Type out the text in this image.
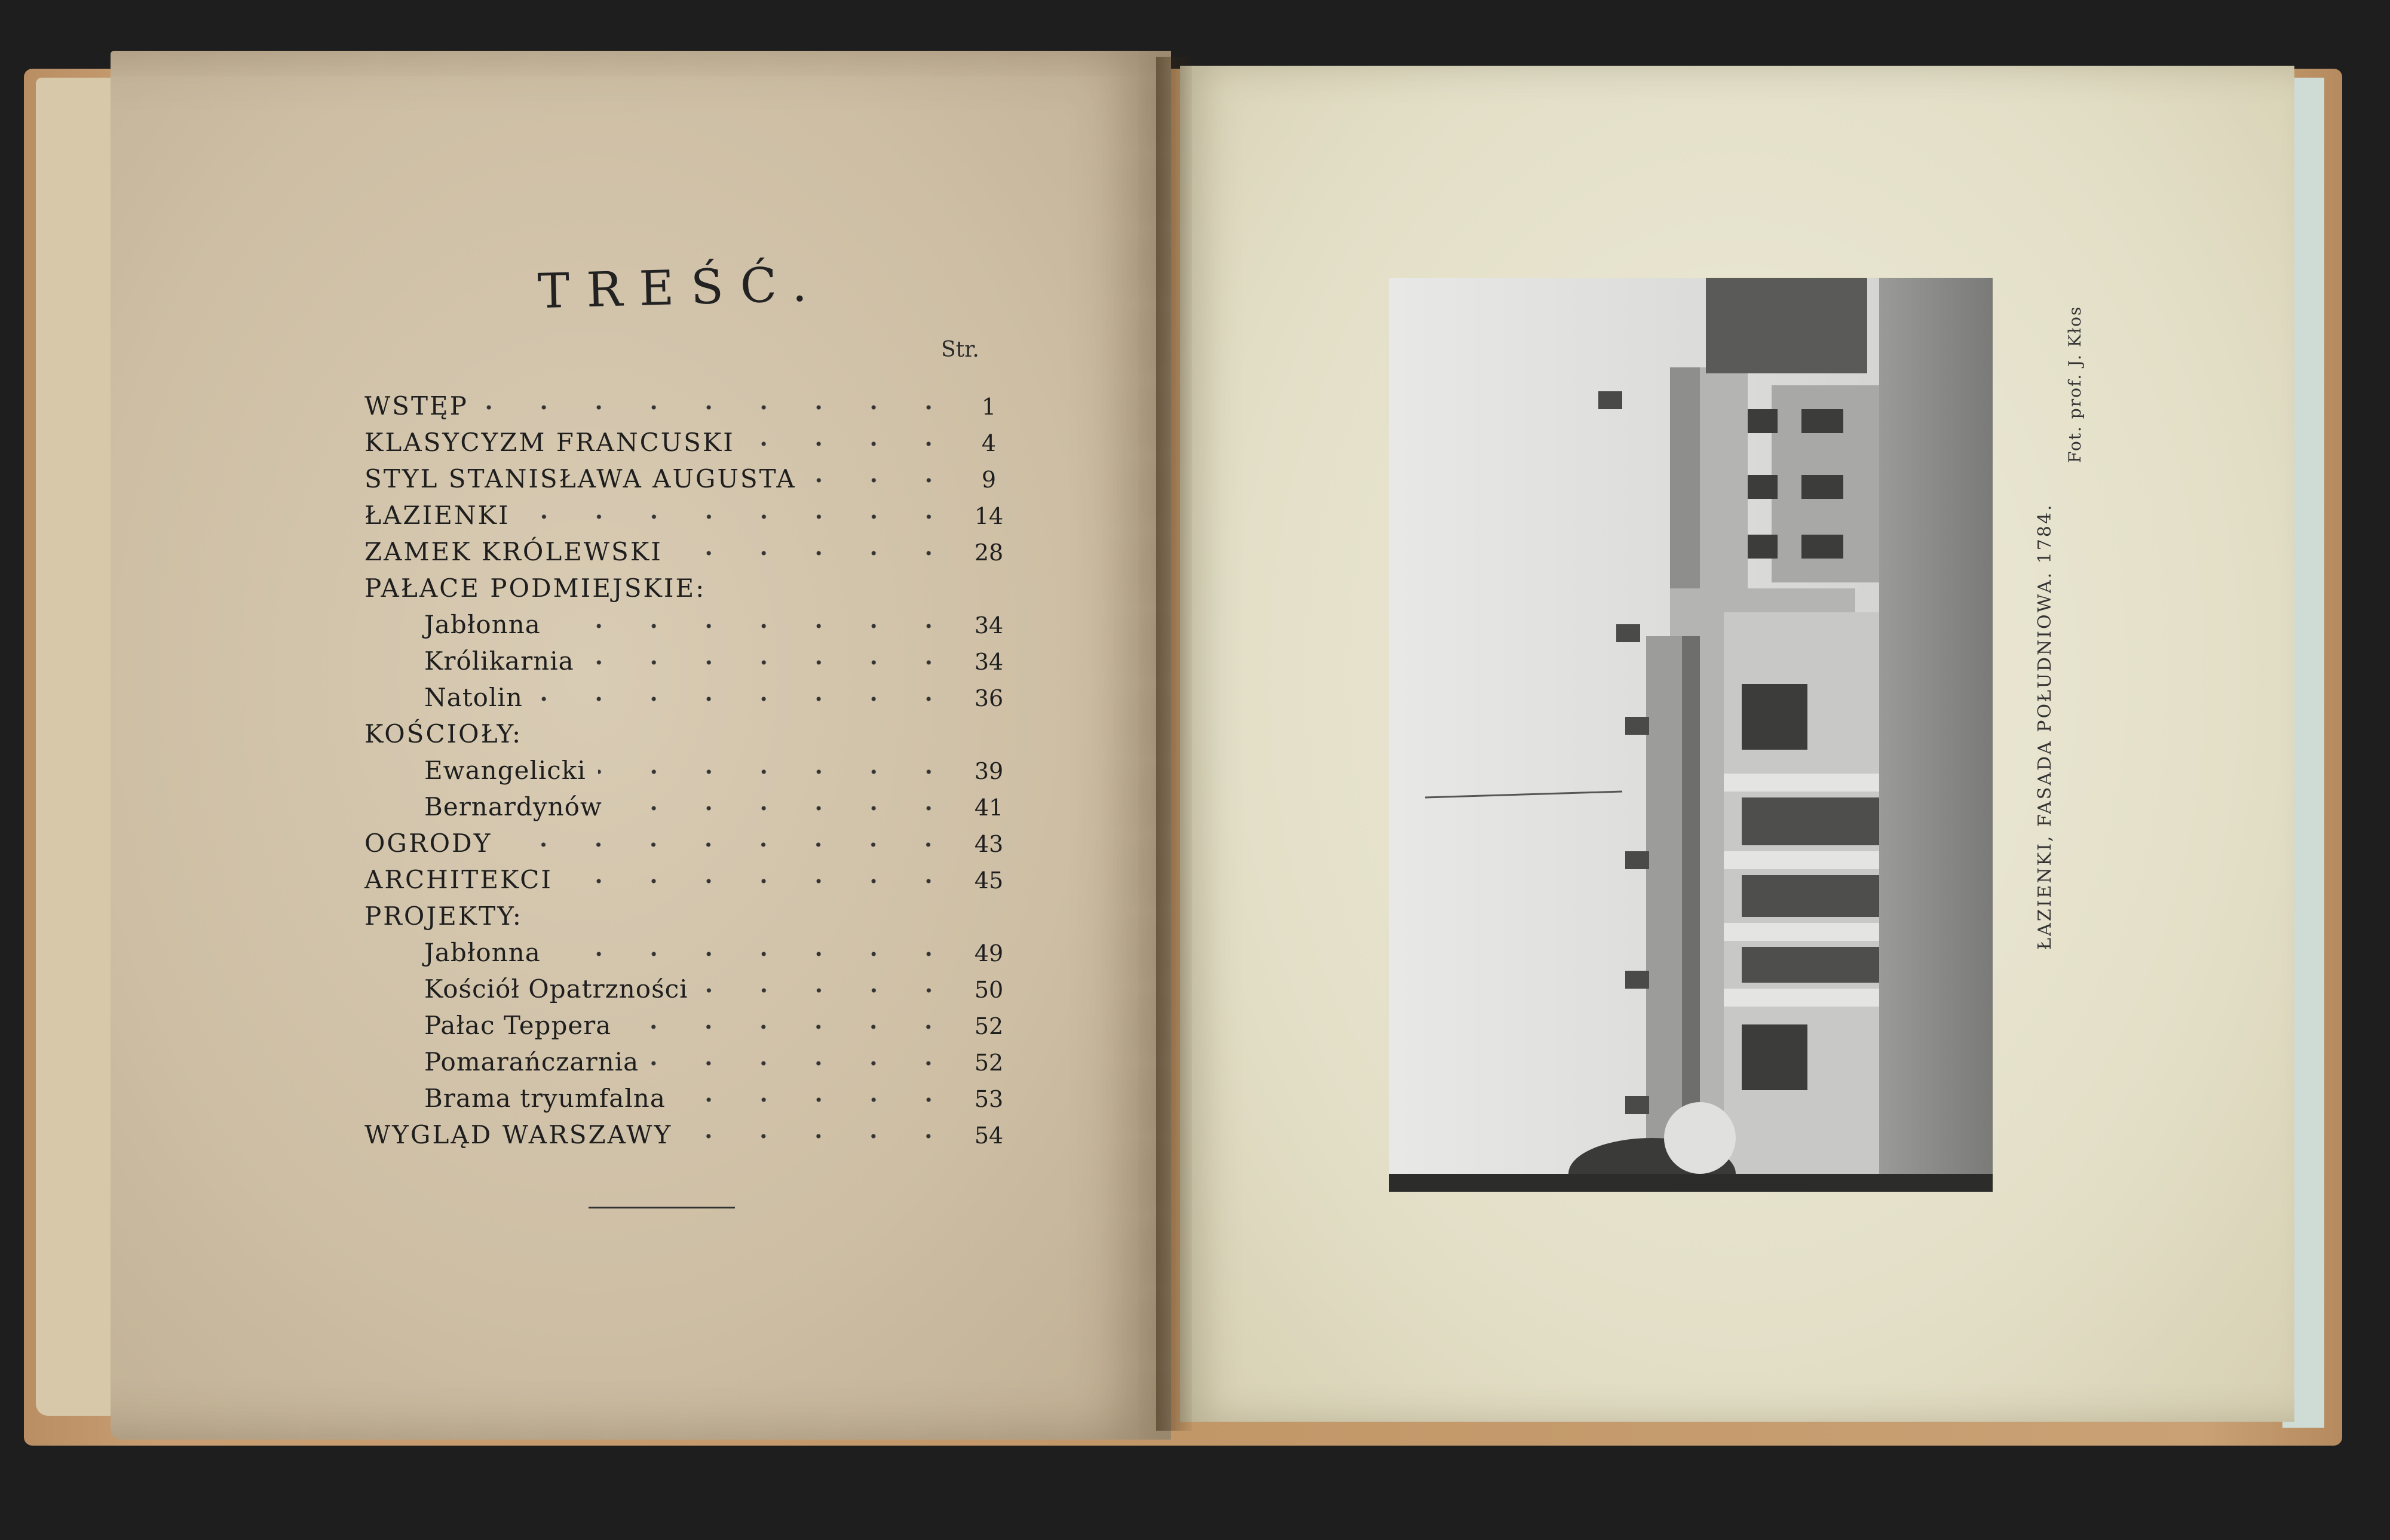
TREŚĆ.
Str.
WSTĘP	1
KLASYCYZM FRANCUSKI	4
STYL STANISŁAWA AUGUSTA	9
ŁAZIENKI	14
ZAMEK KRÓLEWSKI	28
PAŁACE PODMIEJSKIE:
Jabłonna	34
Królikarnia	34
Natolin	36
KOŚCIOŁY:
Ewangelicki	39
Bernardynów	41
OGRODY	43
ARCHITEKCI	45
PROJEKTY:
Jabłonna	49
Kościół Opatrzności	50
Pałac Teppera	52
Pomarańczarnia	52
Brama tryumfalna	53
WYGLĄD WARSZAWY	54
ŁAZIENKI, FASADA POŁUDNIOWA. 1784.
Fot. prof. J. Kłos
